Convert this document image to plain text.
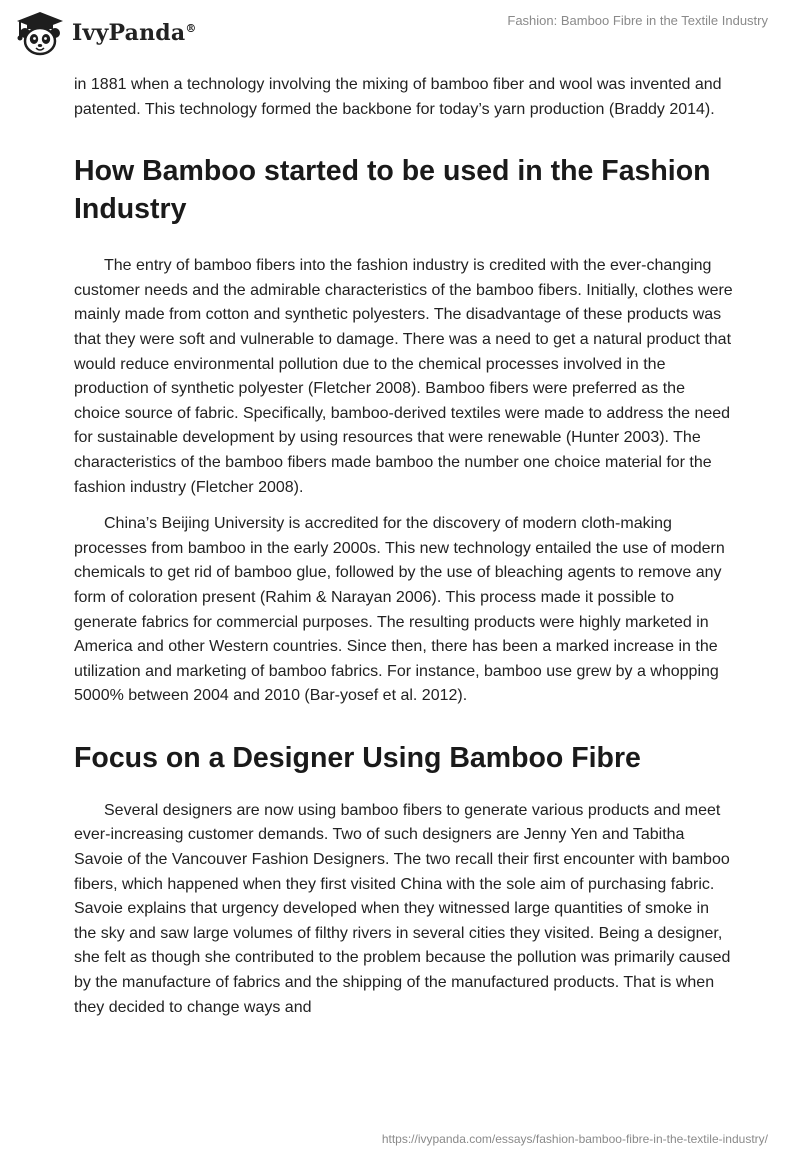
IvyPanda®
Fashion: Bamboo Fibre in the Textile Industry

in 1881 when a technology involving the mixing of bamboo fiber and wool was invented and patented. This technology formed the backbone for today’s yarn production (Braddy 2014).

How Bamboo started to be used in the Fashion Industry

The entry of bamboo fibers into the fashion industry is credited with the ever-changing customer needs and the admirable characteristics of the bamboo fibers. Initially, clothes were mainly made from cotton and synthetic polyesters. The disadvantage of these products was that they were soft and vulnerable to damage. There was a need to get a natural product that would reduce environmental pollution due to the chemical processes involved in the production of synthetic polyester (Fletcher 2008). Bamboo fibers were preferred as the choice source of fabric. Specifically, bamboo-derived textiles were made to address the need for sustainable development by using resources that were renewable (Hunter 2003). The characteristics of the bamboo fibers made bamboo the number one choice material for the fashion industry (Fletcher 2008).

China’s Beijing University is accredited for the discovery of modern cloth-making processes from bamboo in the early 2000s. This new technology entailed the use of modern chemicals to get rid of bamboo glue, followed by the use of bleaching agents to remove any form of coloration present (Rahim & Narayan 2006). This process made it possible to generate fabrics for commercial purposes. The resulting products were highly marketed in America and other Western countries. Since then, there has been a marked increase in the utilization and marketing of bamboo fabrics. For instance, bamboo use grew by a whopping 5000% between 2004 and 2010 (Bar-yosef et al. 2012).

Focus on a Designer Using Bamboo Fibre

Several designers are now using bamboo fibers to generate various products and meet ever-increasing customer demands. Two of such designers are Jenny Yen and Tabitha Savoie of the Vancouver Fashion Designers. The two recall their first encounter with bamboo fibers, which happened when they first visited China with the sole aim of purchasing fabric. Savoie explains that urgency developed when they witnessed large quantities of smoke in the sky and saw large volumes of filthy rivers in several cities they visited. Being a designer, she felt as though she contributed to the problem because the pollution was primarily caused by the manufacture of fabrics and the shipping of the manufactured products. That is when they decided to change ways and

https://ivypanda.com/essays/fashion-bamboo-fibre-in-the-textile-industry/
